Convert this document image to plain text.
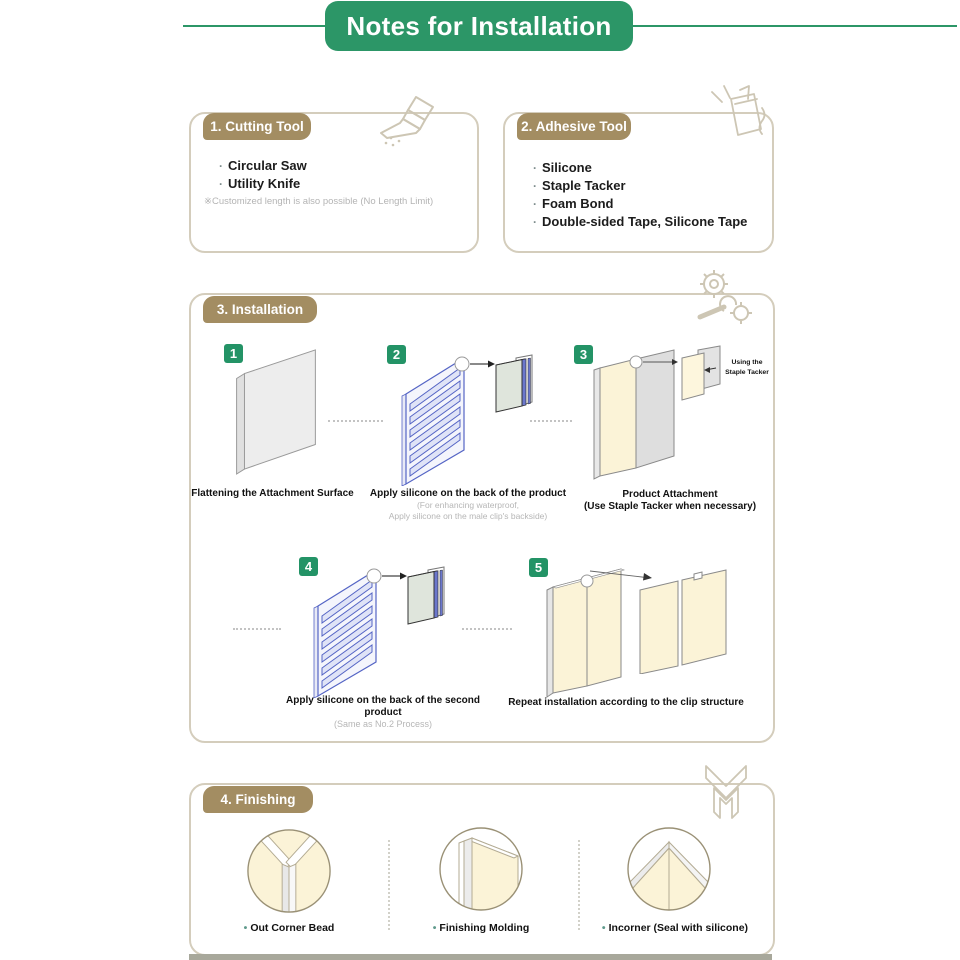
Notes for Installation
1. Cutting Tool
· Circular Saw
· Utility Knife
※Customized length is also possible (No Length Limit)
2. Adhesive Tool
· Silicone
· Staple Tacker
· Foam Bond
· Double-sided Tape, Silicone Tape
3. Installation
1
Flattening the Attachment Surface
2
Apply silicone on the back of the product
(For enhancing waterproof,
Apply silicone on the male clip's backside)
3
Using the
Staple Tacker
Product Attachment
(Use Staple Tacker when necessary)
4
Apply silicone on the back of the second product
(Same as No.2 Process)
5
Repeat installation according to the clip structure
4. Finishing
• Out Corner Bead	• Finishing Molding	• Incorner (Seal with silicone)
